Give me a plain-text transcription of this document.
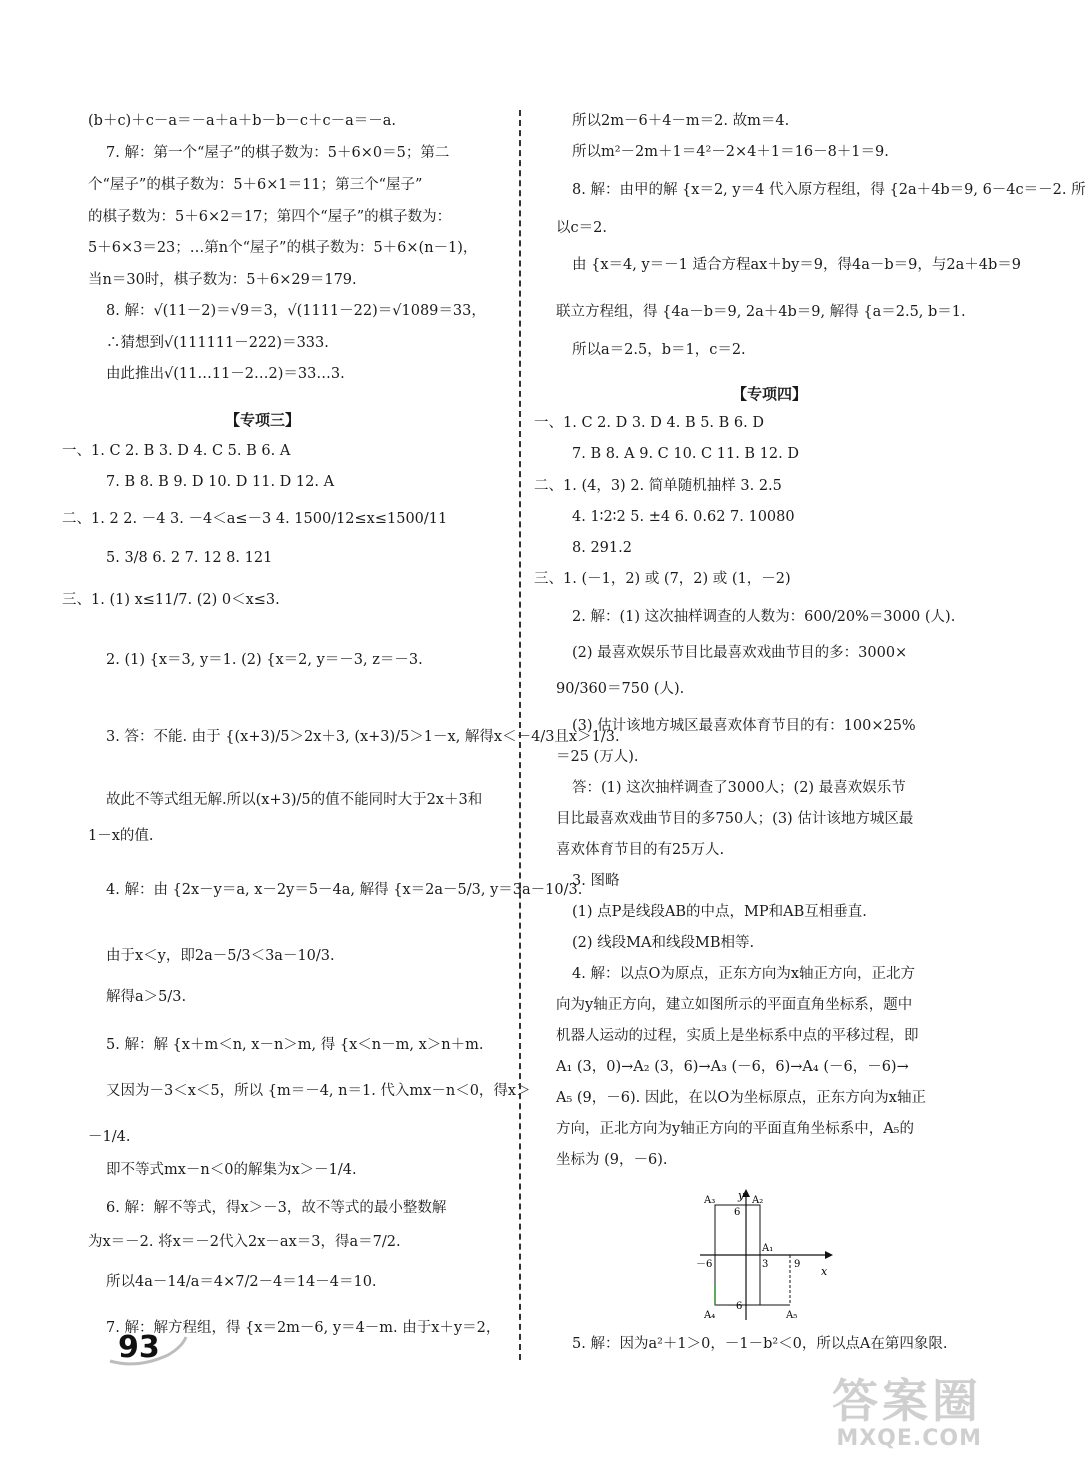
(b＋c)＋c－a＝－a＋a＋b－b－c＋c－a＝－a.
7. 解：第一个“屋子”的棋子数为：5＋6×0＝5；第二
个“屋子”的棋子数为：5＋6×1＝11；第三个“屋子”
的棋子数为：5＋6×2＝17；第四个“屋子”的棋子数为：
5＋6×3＝23；…第n个“屋子”的棋子数为：5＋6×(n－1)，
当n＝30时，棋子数为：5＋6×29＝179.
8. 解：√(11－2)＝√9＝3，√(1111－22)＝√1089＝33，
∴猜想到√(111111－222)＝333.
由此推出√(11…11－2…2)＝33…3.
【专项三】
一、1. C 2. B 3. D 4. C 5. B 6. A
7. B 8. B 9. D 10. D 11. D 12. A
二、1. 2 2. －4 3. －4＜a≤－3 4. 1500/12≤x≤1500/11
5. 3/8 6. 2 7. 12 8. 121
三、1. (1) x≤11/7. (2) 0＜x≤3.
2. (1) {x＝3, y＝1. (2) {x＝2, y＝－3, z＝－3.
3. 答：不能. 由于 {(x+3)/5＞2x＋3, (x+3)/5＞1－x, 解得x＜－4/3且x＞1/3.
故此不等式组无解.所以(x+3)/5的值不能同时大于2x＋3和
1－x的值.
4. 解：由 {2x－y＝a, x－2y＝5－4a, 解得 {x＝2a－5/3, y＝3a－10/3.
由于x＜y，即2a－5/3＜3a－10/3.
解得a＞5/3.
5. 解：解 {x＋m＜n, x－n＞m, 得 {x＜n－m, x＞n＋m.
又因为－3＜x＜5，所以 {m＝－4, n＝1. 代入mx－n＜0，得x＞
－1/4.
即不等式mx－n＜0的解集为x＞－1/4.
6. 解：解不等式，得x＞－3，故不等式的最小整数解
为x＝－2. 将x＝－2代入2x－ax＝3，得a＝7/2.
所以4a－14/a＝4×7/2－4＝14－4＝10.
7. 解：解方程组，得 {x＝2m－6, y＝4－m. 由于x＋y＝2，
所以2m－6＋4－m＝2. 故m＝4.
所以m²－2m＋1＝4²－2×4＋1＝16－8＋1＝9.
8. 解：由甲的解 {x＝2, y＝4 代入原方程组，得 {2a＋4b＝9, 6－4c＝－2. 所
以c＝2.
由 {x＝4, y＝－1 适合方程ax＋by＝9，得4a－b＝9，与2a＋4b＝9
联立方程组，得 {4a－b＝9, 2a＋4b＝9, 解得 {a＝2.5, b＝1.
所以a＝2.5，b＝1，c＝2.
【专项四】
一、1. C 2. D 3. D 4. B 5. B 6. D
7. B 8. A 9. C 10. C 11. B 12. D
二、1. (4，3) 2. 简单随机抽样 3. 2.5
4. 1∶2∶2 5. ±4 6. 0.62 7. 10080
8. 291.2
三、1. (－1，2) 或 (7，2) 或 (1，－2)
2. 解：(1) 这次抽样调查的人数为：600/20%＝3000 (人).
(2) 最喜欢娱乐节目比最喜欢戏曲节目的多：3000×
90/360＝750 (人).
(3) 估计该地方城区最喜欢体育节目的有：100×25%
＝25 (万人).
答：(1) 这次抽样调查了3000人；(2) 最喜欢娱乐节
目比最喜欢戏曲节目的多750人；(3) 估计该地方城区最
喜欢体育节目的有25万人.
3. 图略
(1) 点P是线段AB的中点，MP和AB互相垂直.
(2) 线段MA和线段MB相等.
4. 解：以点O为原点，正东方向为x轴正方向，正北方
向为y轴正方向，建立如图所示的平面直角坐标系，题中
机器人运动的过程，实质上是坐标系中点的平移过程，即
A₁ (3，0)→A₂ (3，6)→A₃ (－6，6)→A₄ (－6，－6)→
A₅ (9，－6). 因此，在以O为坐标原点，正东方向为x轴正
方向，正北方向为y轴正方向的平面直角坐标系中，A₅的
坐标为 (9，－6).
5. 解：因为a²＋1＞0，－1－b²＜0，所以点A在第四象限.
y
x
A₃
6
A₂
A₁
－6	3	9
A₄
－6
A₅
93
答案圈
MXQE.COM
